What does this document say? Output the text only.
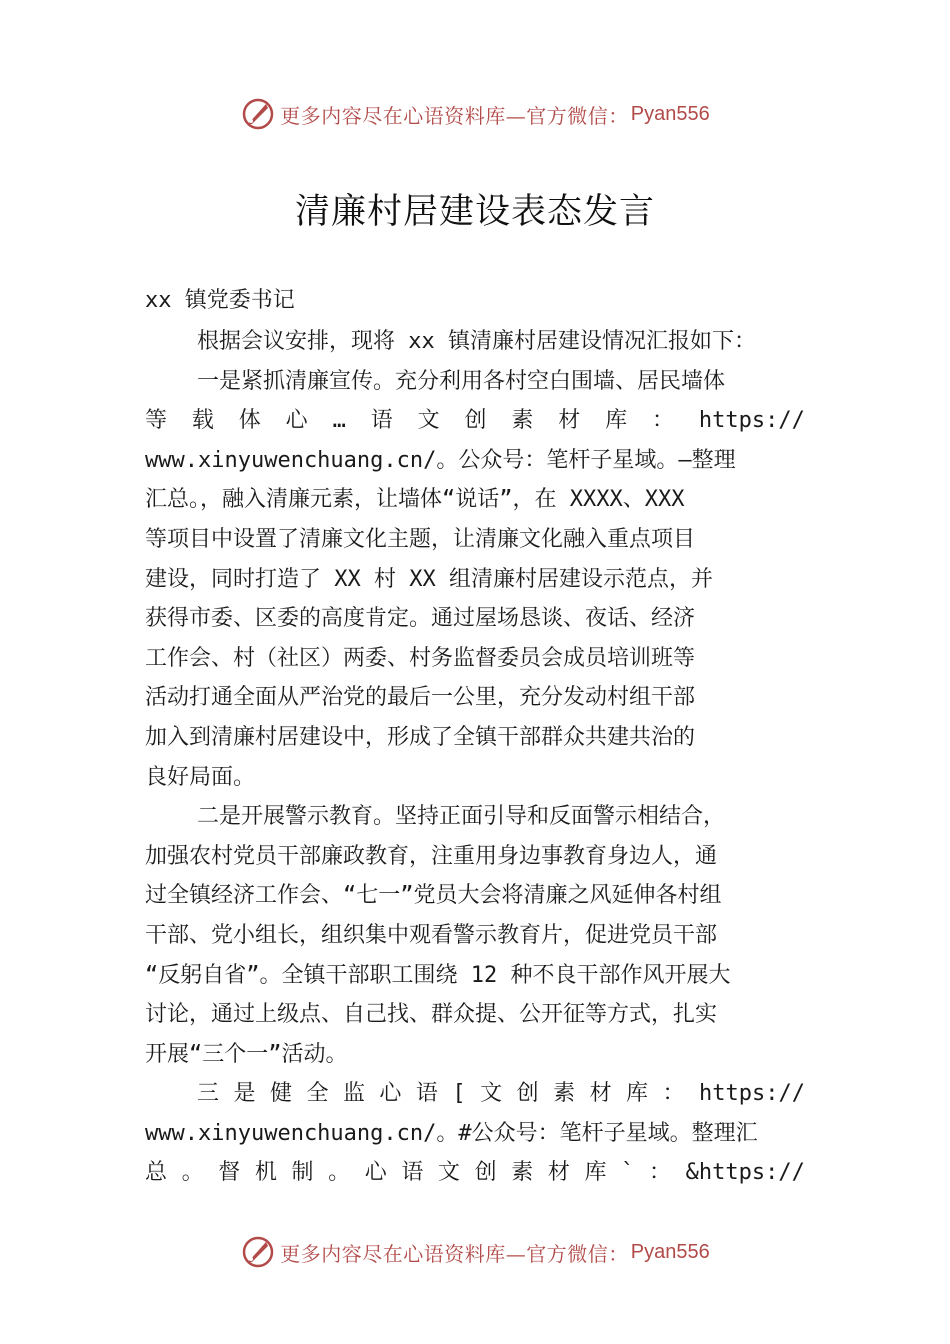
更多内容尽在心语资料库—官方微信： Pyan556
清廉村居建设表态发言
xx 镇党委书记
根据会议安排，现将 xx 镇清廉村居建设情况汇报如下：
一是紧抓清廉宣传。充分利用各村空白围墙、居民墙体
等 载 体 心 … 语 文 创 素 材 库 ： https://
www.xinyuwenchuang.cn/。公众号：笔杆子星域。—整理
汇总。，融入清廉元素，让墙体“说话”，在 XXXX、XXX
等项目中设置了清廉文化主题，让清廉文化融入重点项目
建设，同时打造了 XX 村 XX 组清廉村居建设示范点，并
获得市委、区委的高度肯定。通过屋场恳谈、夜话、经济
工作会、村（社区）两委、村务监督委员会成员培训班等
活动打通全面从严治党的最后一公里，充分发动村组干部
加入到清廉村居建设中，形成了全镇干部群众共建共治的
良好局面。
二是开展警示教育。坚持正面引导和反面警示相结合，
加强农村党员干部廉政教育，注重用身边事教育身边人，通
过全镇经济工作会、“七一”党员大会将清廉之风延伸各村组
干部、党小组长，组织集中观看警示教育片，促进党员干部
“反躬自省”。全镇干部职工围绕 12 种不良干部作风开展大
讨论，通过上级点、自己找、群众提、公开征等方式，扎实
开展“三个一”活动。
三 是 健 全 监 心 语 [ 文 创 素 材 库 ： https://
www.xinyuwenchuang.cn/。#公众号：笔杆子星域。整理汇
总 。 督 机 制 。 心 语 文 创 素 材 库 ` ： &https://
更多内容尽在心语资料库—官方微信： Pyan556
